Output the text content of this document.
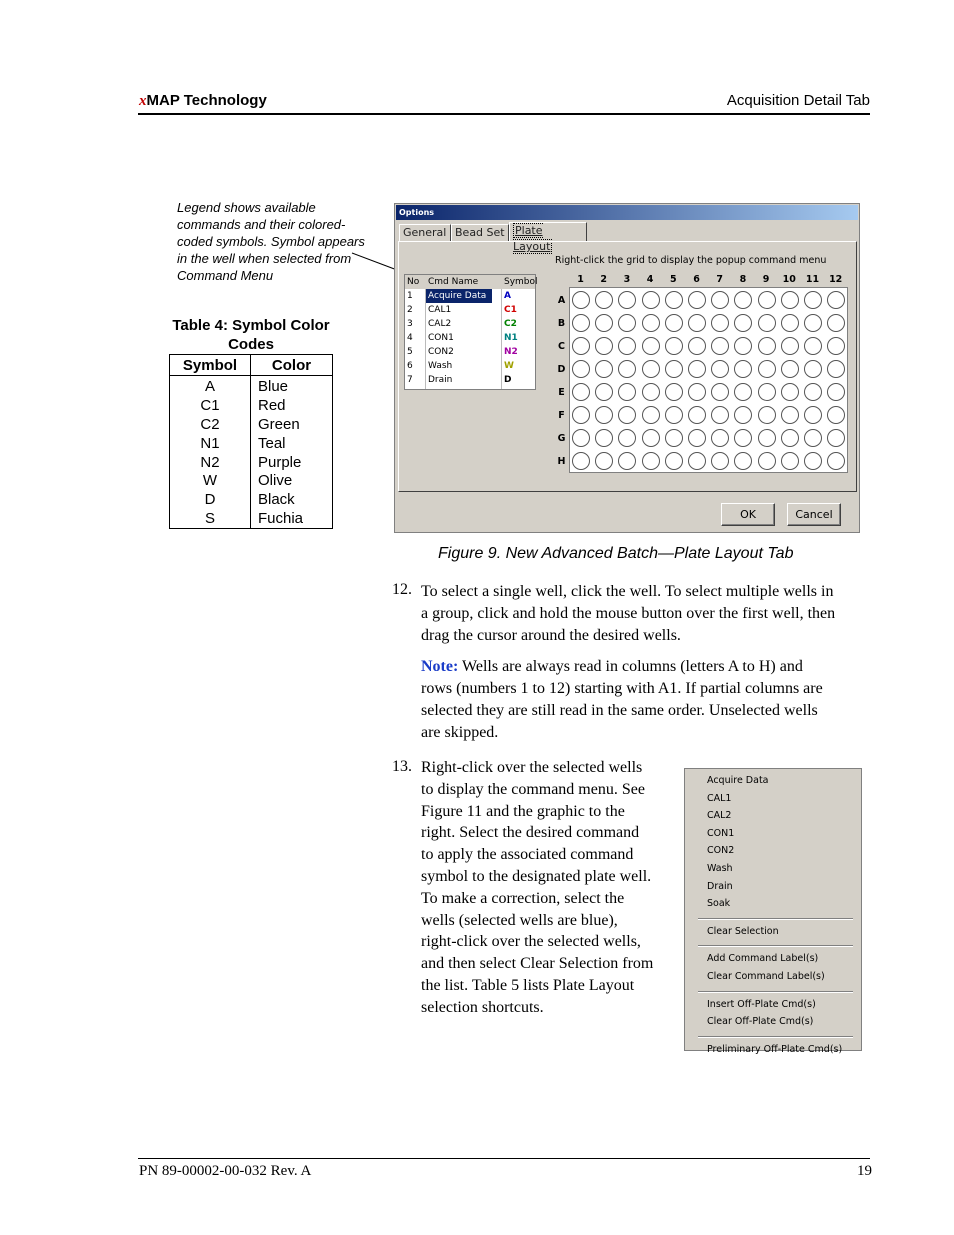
xMAP Technology	Acquisition Detail Tab
Legend shows available commands and their colored-coded symbols. Symbol appears in the well when selected from Command Menu
Table 4: Symbol Color Codes
Symbol	Color
A	Blue
C1	Red
C2	Green
N1	Teal
N2	Purple
W	Olive
D	Black
S	Fuchia
Options
General Bead Set Plate Layout
No Cmd Name	Symbol
1	Acquire Data	A
2	CAL1	C1
3	CAL2	C2
4	CON1	N1
5	CON2	N2
6	Wash	W
7	Drain	D
Right-click the grid to display the popup command menu
1	2	3	4	5	6	7	8	9	10	11	12
A
B
C
D
E
F
G
H
OK	Cancel
Figure 9. New Advanced Batch—Plate Layout Tab
12. To select a single well, click the well. To select multiple wells in
a group, click and hold the mouse button over the first well, then
drag the cursor around the desired wells.
Note: Wells are always read in columns (letters A to H) and
rows (numbers 1 to 12) starting with A1. If partial columns are
selected they are still read in the same order. Unselected wells
are skipped.
13. Right-click over the selected wells
to display the command menu. See
Figure 11 and the graphic to the
right. Select the desired command
to apply the associated command
symbol to the designated plate well.
To make a correction, select the
wells (selected wells are blue),
right-click over the selected wells,
and then select Clear Selection from
the list. Table 5 lists Plate Layout
selection shortcuts.
Acquire Data
CAL1
CAL2
CON1
CON2
Wash
Drain
Soak
Clear Selection
Add Command Label(s)
Clear Command Label(s)
Insert Off-Plate Cmd(s)
Clear Off-Plate Cmd(s)
Preliminary Off-Plate Cmd(s)
PN 89-00002-00-032 Rev. A	19
